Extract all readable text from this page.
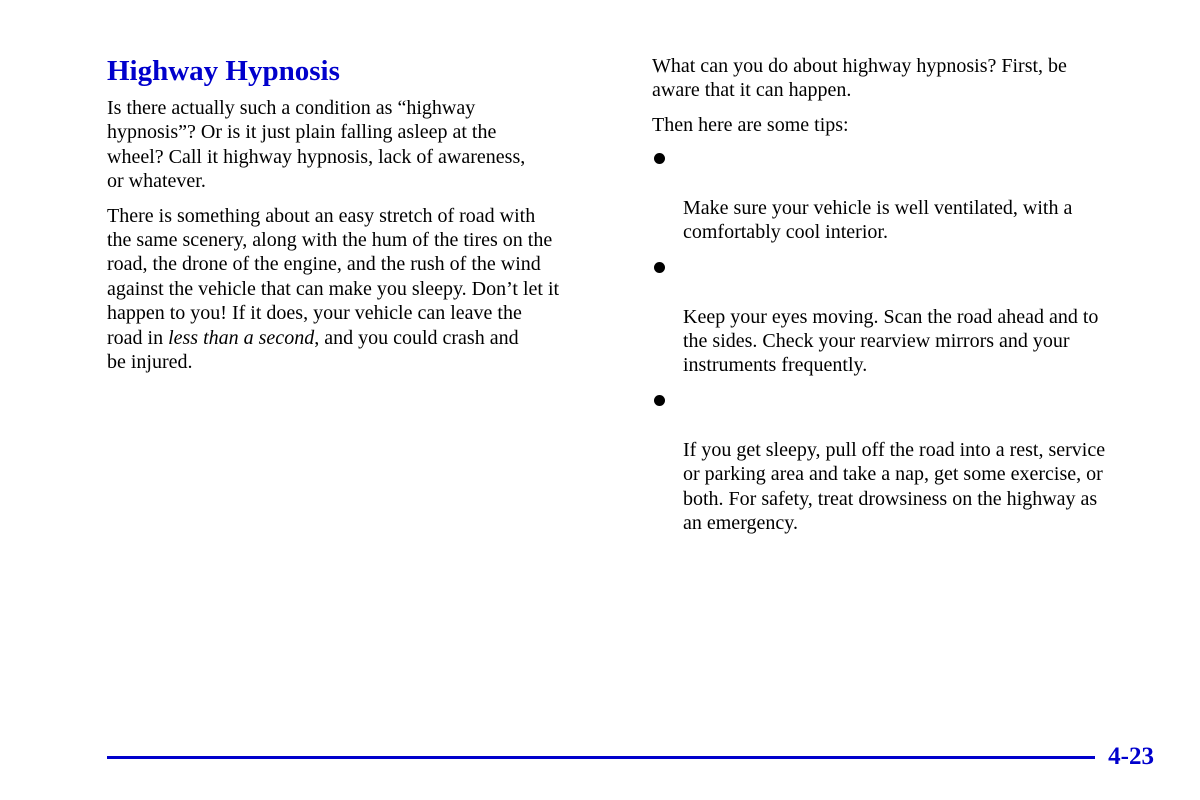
Highway Hypnosis

Is there actually such a condition as “highway
hypnosis”? Or is it just plain falling asleep at the
wheel? Call it highway hypnosis, lack of awareness,
or whatever.

There is something about an easy stretch of road with
the same scenery, along with the hum of the tires on the
road, the drone of the engine, and the rush of the wind
against the vehicle that can make you sleepy. Don’t let it
happen to you! If it does, your vehicle can leave the
road in less than a second, and you could crash and
be injured.

What can you do about highway hypnosis? First, be
aware that it can happen.

Then here are some tips:

Make sure your vehicle is well ventilated, with a
comfortably cool interior.

Keep your eyes moving. Scan the road ahead and to
the sides. Check your rearview mirrors and your
instruments frequently.

If you get sleepy, pull off the road into a rest, service
or parking area and take a nap, get some exercise, or
both. For safety, treat drowsiness on the highway as
an emergency.

4-23
